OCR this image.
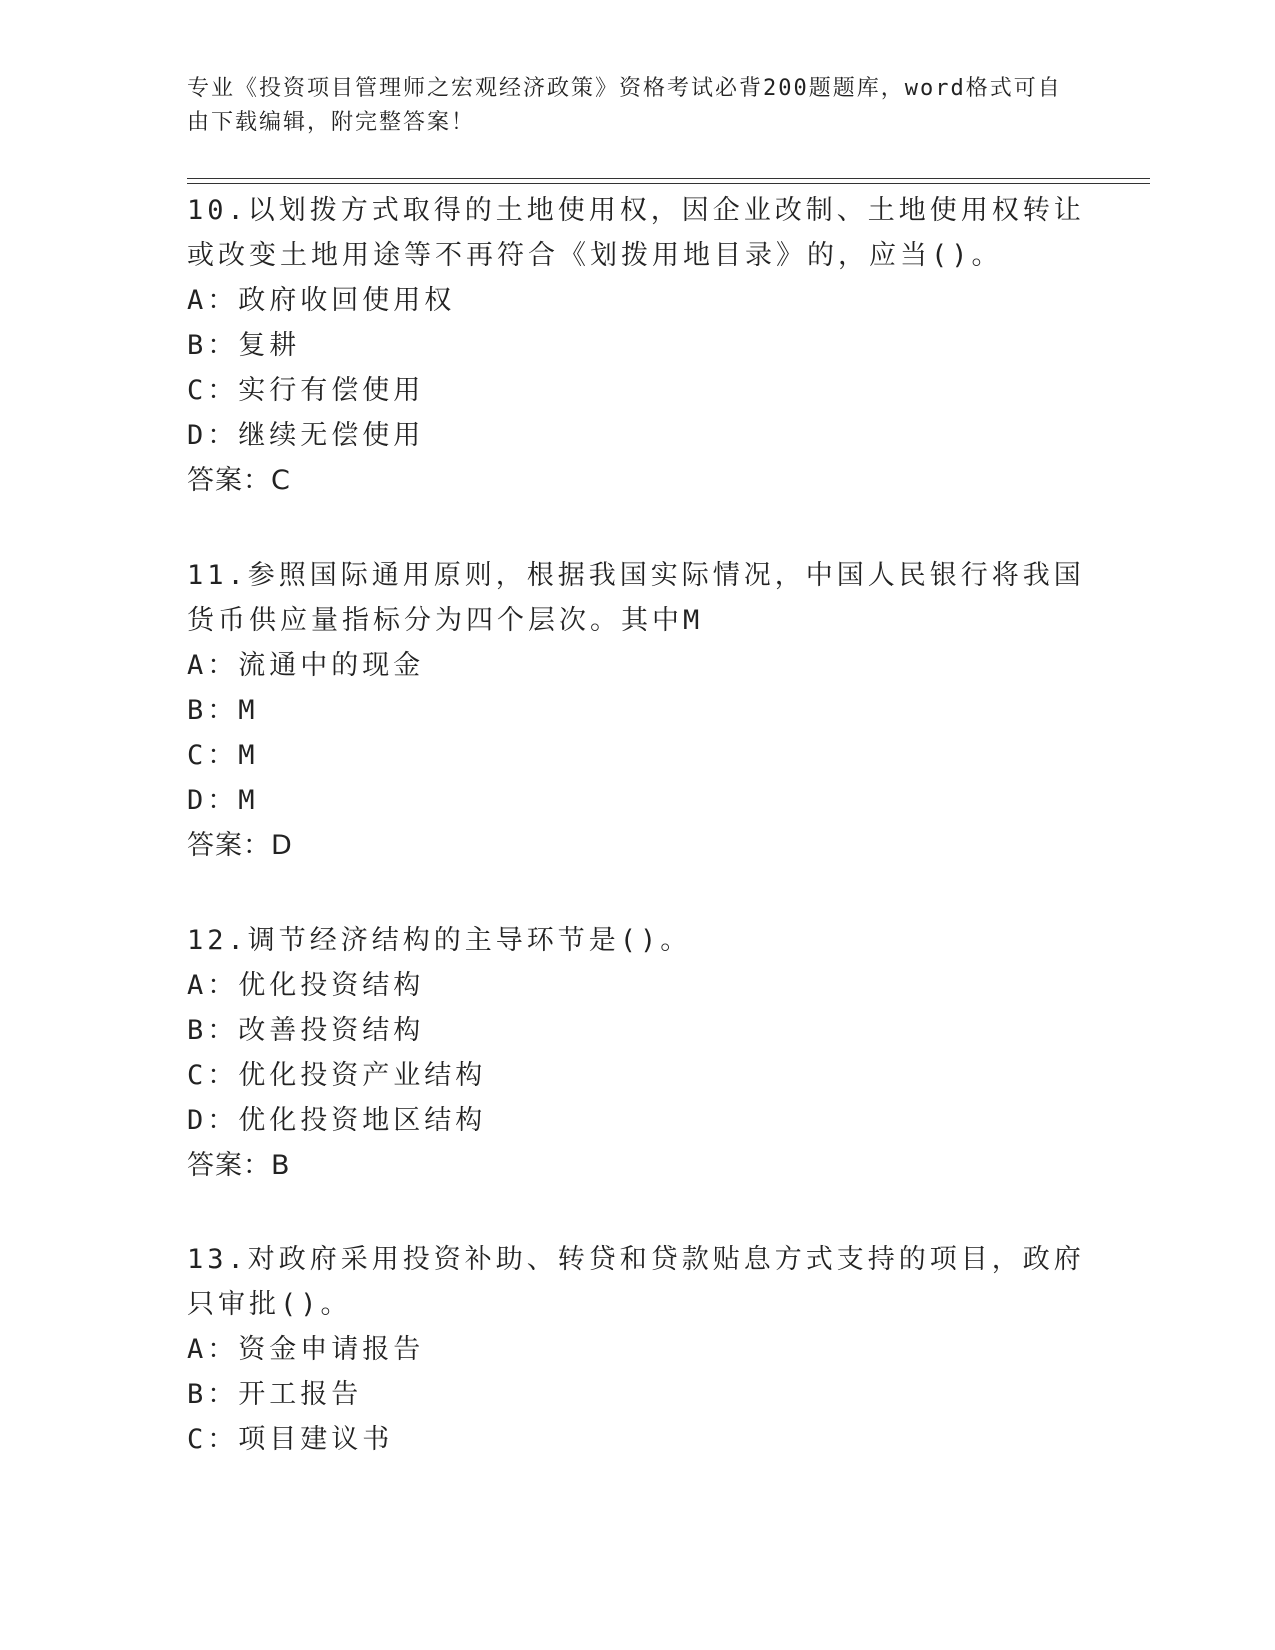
专业《投资项目管理师之宏观经济政策》资格考试必背200题题库，word格式可自由下载编辑，附完整答案！
10.以划拨方式取得的土地使用权，因企业改制、土地使用权转让或改变土地用途等不再符合《划拨用地目录》的，应当()。
A：政府收回使用权
B：复耕
C：实行有偿使用
D：继续无偿使用
答案：C
11.参照国际通用原则，根据我国实际情况，中国人民银行将我国货币供应量指标分为四个层次。其中M
A：流通中的现金
B：M
C：M
D：M
答案：D
12.调节经济结构的主导环节是()。
A：优化投资结构
B：改善投资结构
C：优化投资产业结构
D：优化投资地区结构
答案：B
13.对政府采用投资补助、转贷和贷款贴息方式支持的项目，政府只审批()。
A：资金申请报告
B：开工报告
C：项目建议书
